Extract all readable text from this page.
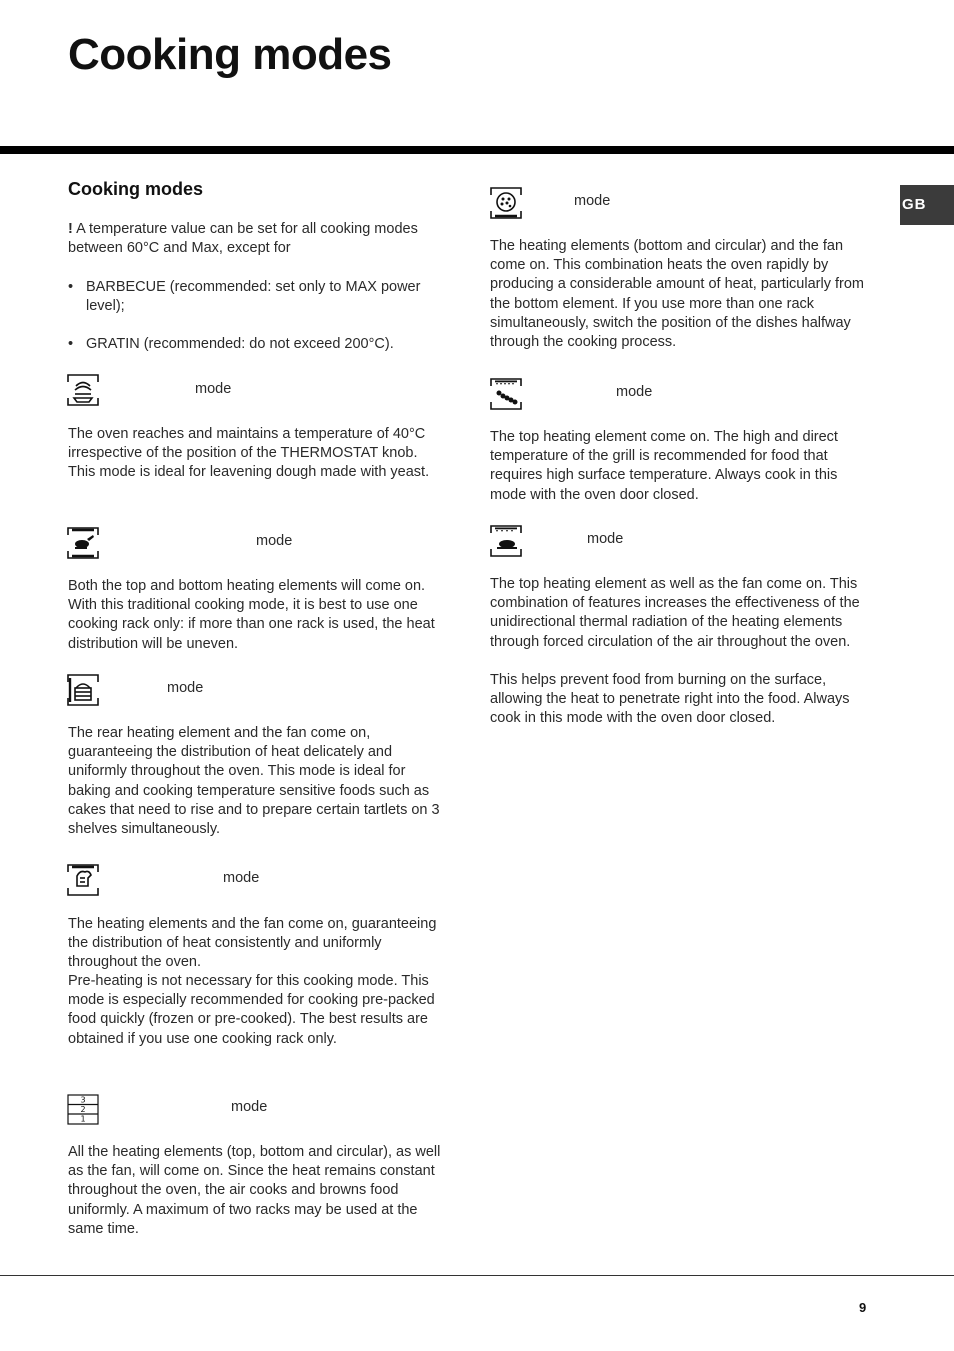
Cooking modes
GB
Cooking modes
! A temperature value can be set for all cooking modes between 60°C and Max, except for
• BARBECUE (recommended: set only to MAX power level);
• GRATIN (recommended: do not exceed 200°C).
mode
The oven reaches and maintains a temperature of 40°C irrespective of the position of the THERMOSTAT knob. This mode is ideal for leavening dough made with yeast.
mode
Both the top and bottom heating elements will come on. With this traditional cooking mode, it is best to use one cooking rack only: if more than one rack is used, the heat distribution will be uneven.
mode
The rear heating element and the fan come on, guaranteeing the distribution of heat delicately and uniformly throughout the oven. This mode is ideal for baking and cooking temperature sensitive foods such as cakes that need to rise and to prepare certain tartlets on 3 shelves simultaneously.
mode
The heating elements and the fan come on, guaranteeing the distribution of heat consistently and uniformly throughout the oven.
Pre-heating is not necessary for this cooking mode. This mode is especially recommended for cooking pre-packed food quickly (frozen or pre-cooked). The best results are obtained if you use one cooking rack only.
3
2
1
mode
All the heating elements (top, bottom and circular), as well as the fan, will come on. Since the heat remains constant throughout the oven, the air cooks and browns food uniformly. A maximum of two racks may be used at the same time.
mode
The heating elements (bottom and circular) and the fan come on. This combination heats the oven rapidly by producing a considerable amount of heat, particularly from the bottom element. If you use more than one rack simultaneously, switch the position of the dishes halfway through the cooking process.
mode
The top heating element come on. The high and direct temperature of the grill is recommended for food that requires high surface temperature. Always cook in this mode with the oven door closed.
mode
The top heating element as well as the fan come on. This combination of features increases the effectiveness of the unidirectional thermal radiation of the heating elements through forced circulation of the air throughout the oven.
This helps prevent food from burning on the surface, allowing the heat to penetrate right into the food. Always cook in this mode with the oven door closed.
9
